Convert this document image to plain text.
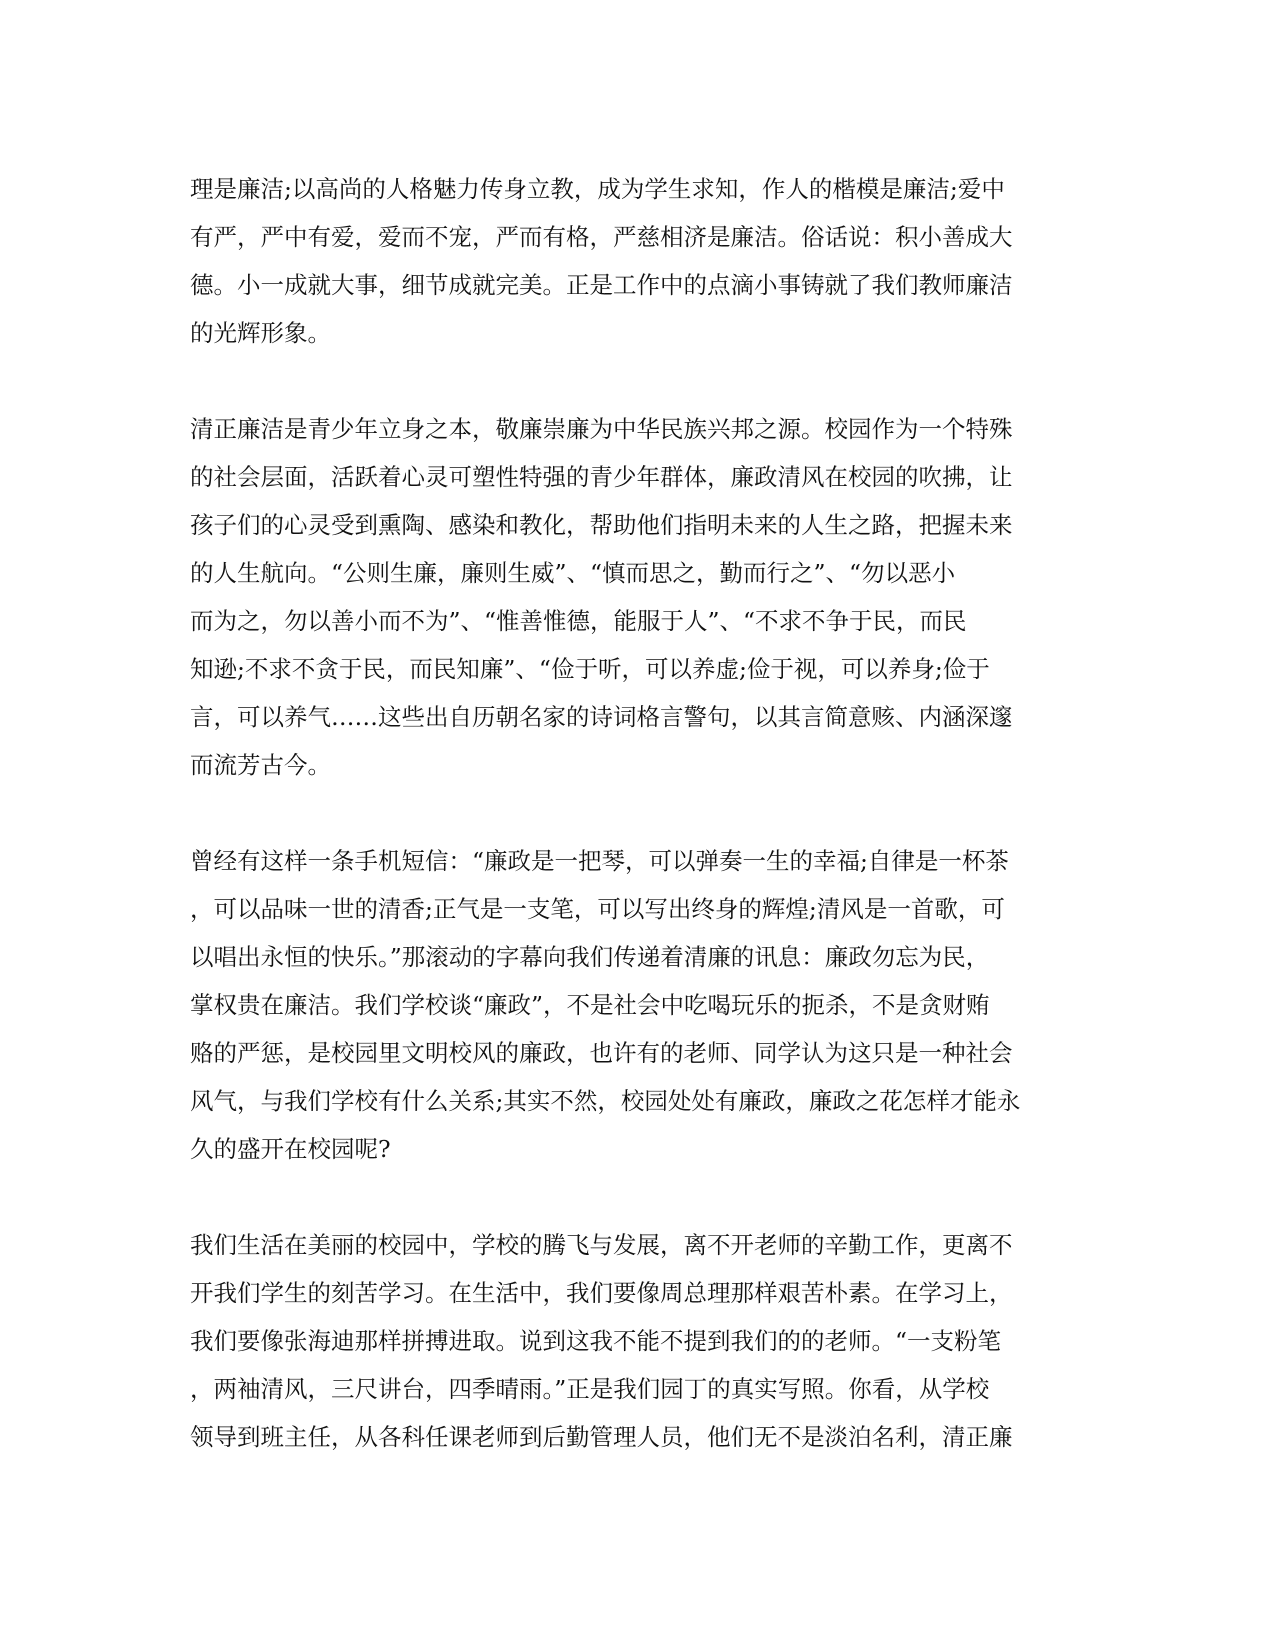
理是廉洁;以高尚的人格魅力传身立教，成为学生求知，作人的楷模是廉洁;爱中
有严，严中有爱，爱而不宠，严而有格，严慈相济是廉洁。俗话说：积小善成大
德。小一成就大事，细节成就完美。正是工作中的点滴小事铸就了我们教师廉洁
的光辉形象。
清正廉洁是青少年立身之本，敬廉崇廉为中华民族兴邦之源。校园作为一个特殊
的社会层面，活跃着心灵可塑性特强的青少年群体，廉政清风在校园的吹拂，让
孩子们的心灵受到熏陶、感染和教化，帮助他们指明未来的人生之路，把握未来
的人生航向。“公则生廉，廉则生威”、“慎而思之，勤而行之”、“勿以恶小
而为之，勿以善小而不为”、“惟善惟德，能服于人”、“不求不争于民，而民
知逊;不求不贪于民，而民知廉”、“俭于听，可以养虚;俭于视，可以养身;俭于
言，可以养气……这些出自历朝名家的诗词格言警句，以其言简意赅、内涵深邃
而流芳古今。
曾经有这样一条手机短信：“廉政是一把琴，可以弹奏一生的幸福;自律是一杯茶
，可以品味一世的清香;正气是一支笔，可以写出终身的辉煌;清风是一首歌，可
以唱出永恒的快乐。”那滚动的字幕向我们传递着清廉的讯息：廉政勿忘为民，
掌权贵在廉洁。我们学校谈“廉政”，不是社会中吃喝玩乐的扼杀，不是贪财贿
赂的严惩，是校园里文明校风的廉政，也许有的老师、同学认为这只是一种社会
风气，与我们学校有什么关系;其实不然，校园处处有廉政，廉政之花怎样才能永
久的盛开在校园呢?
我们生活在美丽的校园中，学校的腾飞与发展，离不开老师的辛勤工作，更离不
开我们学生的刻苦学习。在生活中，我们要像周总理那样艰苦朴素。在学习上，
我们要像张海迪那样拼搏进取。说到这我不能不提到我们的的老师。“一支粉笔
，两袖清风，三尺讲台，四季晴雨。”正是我们园丁的真实写照。你看，从学校
领导到班主任，从各科任课老师到后勤管理人员，他们无不是淡泊名利，清正廉
